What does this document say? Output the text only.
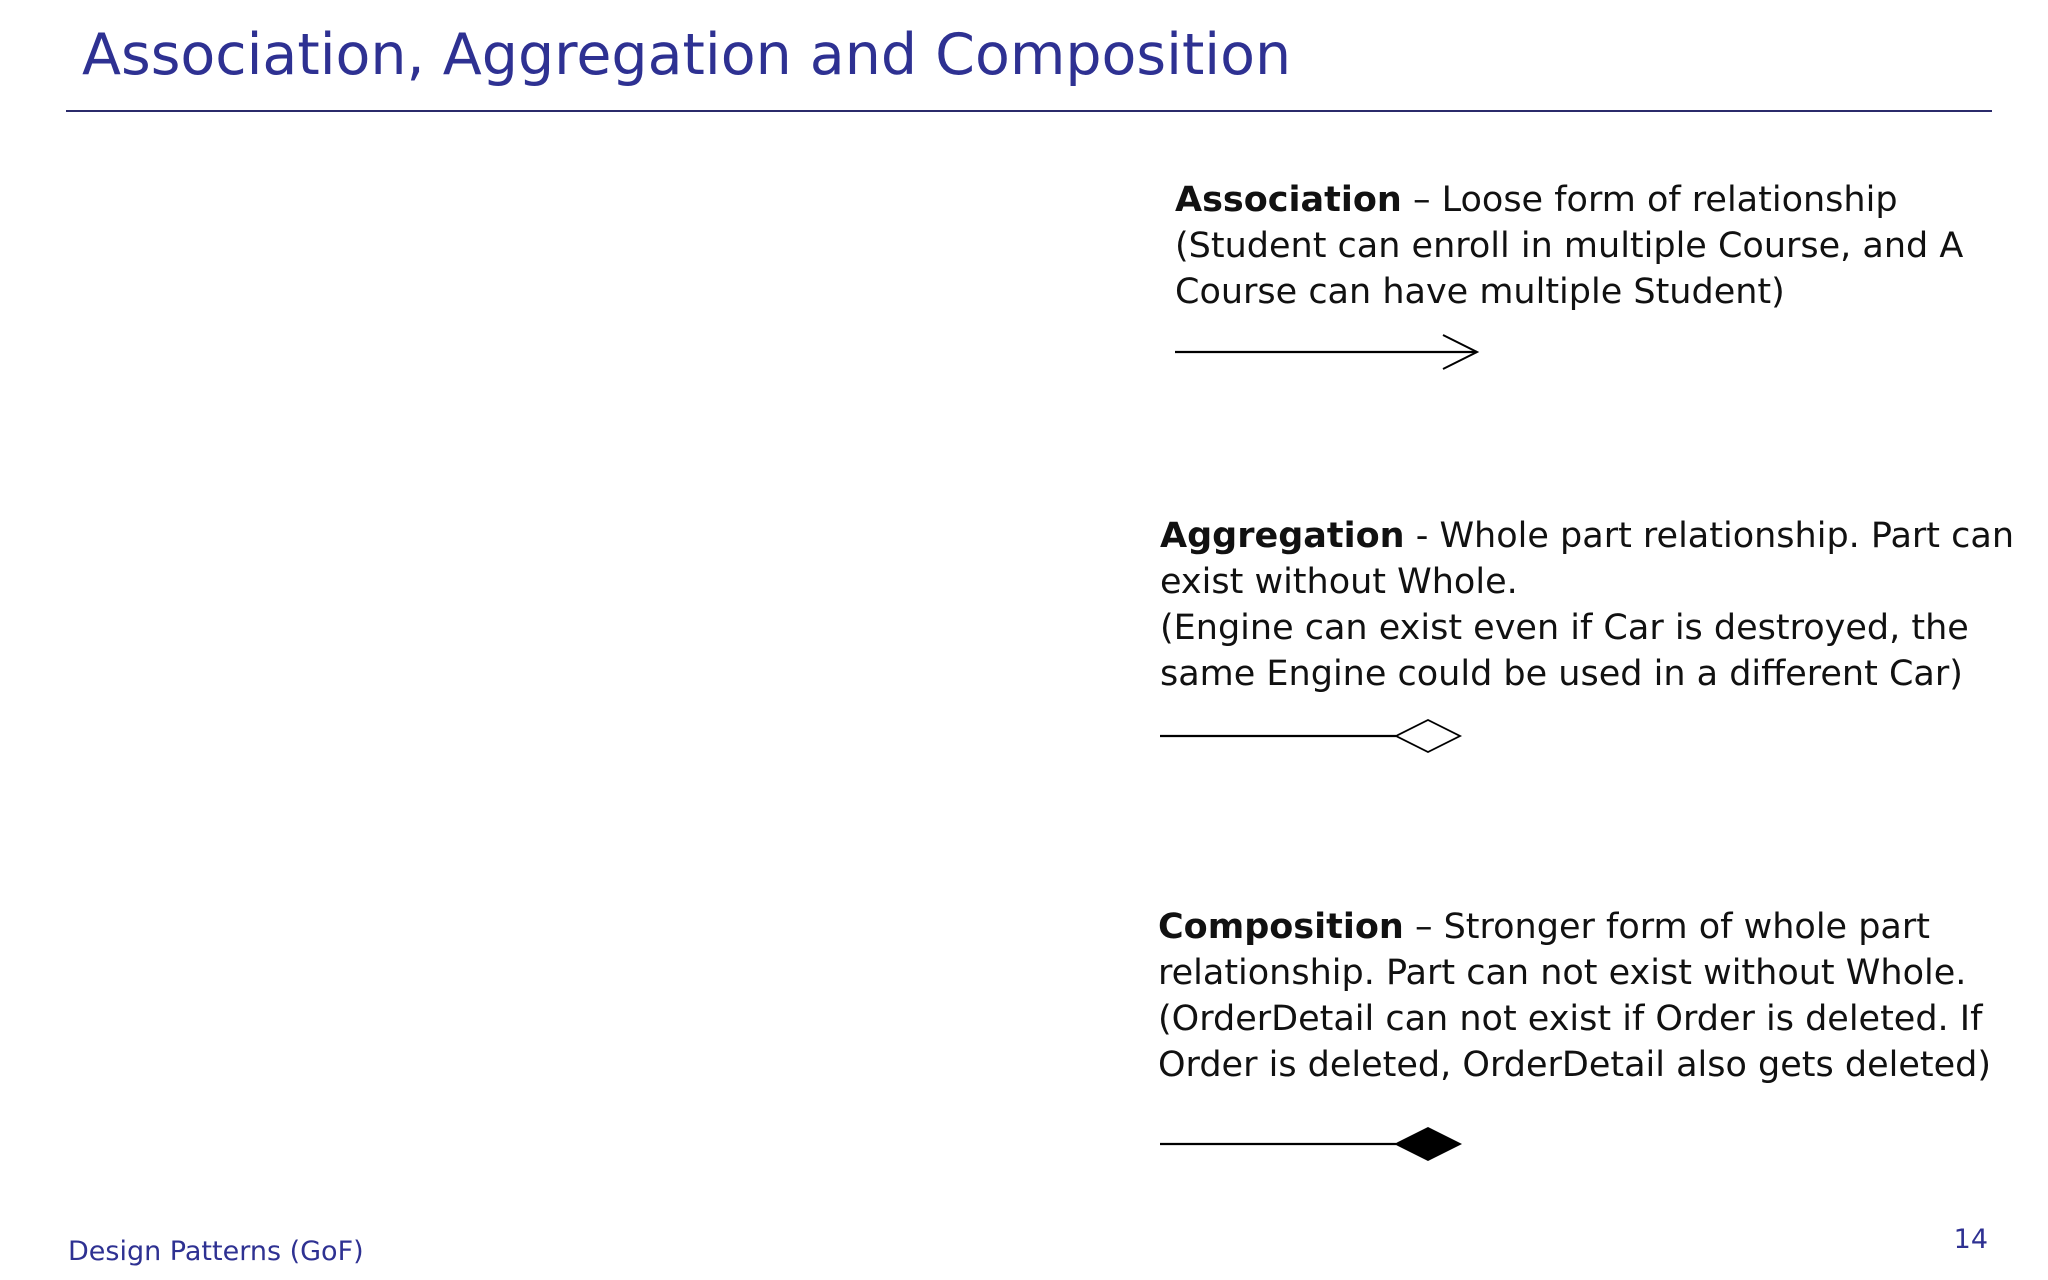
Association, Aggregation and Composition

Association – Loose form of relationship

(Student can enroll in multiple Course, and A

Course can have multiple Student)

Aggregation - Whole part relationship. Part can

exist without Whole.

(Engine can exist even if Car is destroyed, the

same Engine could be used in a different Car)

Composition – Stronger form of whole part

relationship. Part can not exist without Whole.

(OrderDetail can not exist if Order is deleted. If

Order is deleted, OrderDetail also gets deleted)

Design Patterns (GoF)	14
